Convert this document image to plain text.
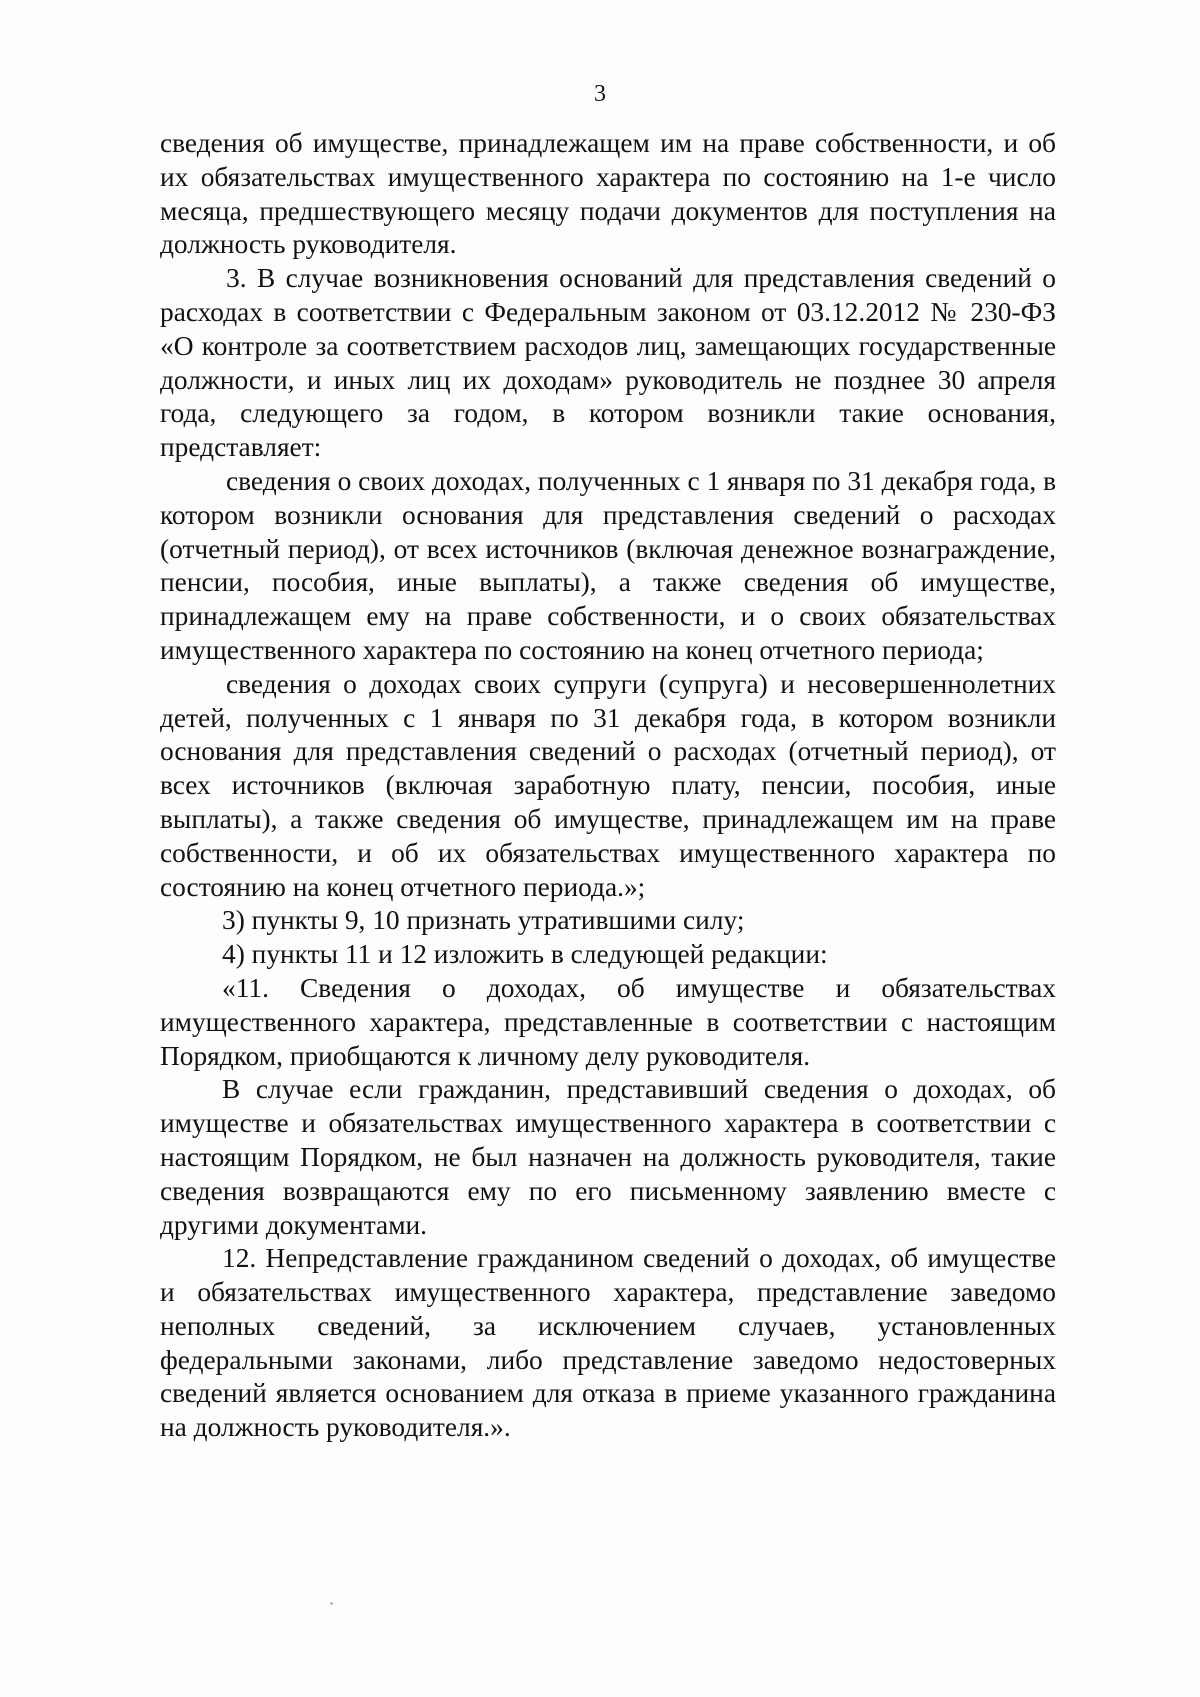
3

сведения об имуществе, принадлежащем им на праве собственности, и об их обязательствах имущественного характера по состоянию на 1-е число месяца, предшествующего месяцу подачи документов для поступления на должность руководителя.

3. В случае возникновения оснований для представления сведений о расходах в соответствии с Федеральным законом от 03.12.2012 № 230-ФЗ «О контроле за соответствием расходов лиц, замещающих государственные должности, и иных лиц их доходам» руководитель не позднее 30 апреля года, следующего за годом, в котором возникли такие основания, представляет:

сведения о своих доходах, полученных с 1 января по 31 декабря года, в котором возникли основания для представления сведений о расходах (отчетный период), от всех источников (включая денежное вознаграждение, пенсии, пособия, иные выплаты), а также сведения об имуществе, принадлежащем ему на праве собственности, и о своих обязательствах имущественного характера по состоянию на конец отчетного периода;

сведения о доходах своих супруги (супруга) и несовершеннолетних детей, полученных с 1 января по 31 декабря года, в котором возникли основания для представления сведений о расходах (отчетный период), от всех источников (включая заработную плату, пенсии, пособия, иные выплаты), а также сведения об имуществе, принадлежащем им на праве собственности, и об их обязательствах имущественного характера по состоянию на конец отчетного периода.»;

3) пункты 9, 10 признать утратившими силу;

4) пункты 11 и 12 изложить в следующей редакции:

«11. Сведения о доходах, об имуществе и обязательствах имущественного характера, представленные в соответствии с настоящим Порядком, приобщаются к личному делу руководителя.

В случае если гражданин, представивший сведения о доходах, об имуществе и обязательствах имущественного характера в соответствии с настоящим Порядком, не был назначен на должность руководителя, такие сведения возвращаются ему по его письменному заявлению вместе с другими документами.

12. Непредставление гражданином сведений о доходах, об имуществе и обязательствах имущественного характера, представление заведомо неполных сведений, за исключением случаев, установленных федеральными законами, либо представление заведомо недостоверных сведений является основанием для отказа в приеме указанного гражданина на должность руководителя.».
